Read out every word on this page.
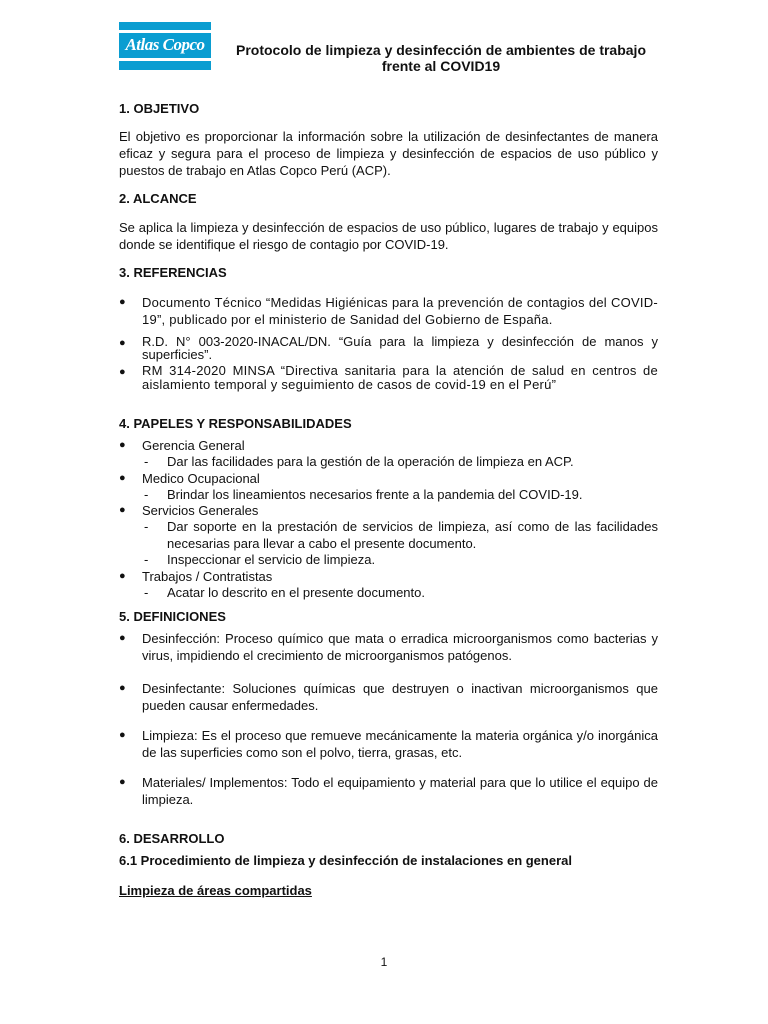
Atlas Copco	Protocolo de limpieza y desinfección de ambientes de trabajo frente al COVID19
1. OBJETIVO
El objetivo es proporcionar la información sobre la utilización de desinfectantes de manera eficaz y segura para el proceso de limpieza y desinfección de espacios de uso público y puestos de trabajo en Atlas Copco Perú (ACP).
2. ALCANCE
Se aplica la limpieza y desinfección de espacios de uso público, lugares de trabajo y equipos donde se identifique el riesgo de contagio por COVID-19.
3. REFERENCIAS
● Documento Técnico “Medidas Higiénicas para la prevención de contagios del COVID-19”, publicado por el ministerio de Sanidad del Gobierno de España.
● R.D. N° 003-2020-INACAL/DN. “Guía para la limpieza y desinfección de manos y superficies”.
● RM 314-2020 MINSA “Directiva sanitaria para la atención de salud en centros de aislamiento temporal y seguimiento de casos de covid-19 en el Perú”
4. PAPELES Y RESPONSABILIDADES
● Gerencia General
-	Dar las facilidades para la gestión de la operación de limpieza en ACP.
● Medico Ocupacional
-	Brindar los lineamientos necesarios frente a la pandemia del COVID-19.
● Servicios Generales
-	Dar soporte en la prestación de servicios de limpieza, así como de las facilidades necesarias para llevar a cabo el presente documento.
-	Inspeccionar el servicio de limpieza.
● Trabajos / Contratistas
-	Acatar lo descrito en el presente documento.
5. DEFINICIONES
● Desinfección: Proceso químico que mata o erradica microorganismos como bacterias y virus, impidiendo el crecimiento de microorganismos patógenos.
● Desinfectante: Soluciones químicas que destruyen o inactivan microorganismos que pueden causar enfermedades.
● Limpieza: Es el proceso que remueve mecánicamente la materia orgánica y/o inorgánica de las superficies como son el polvo, tierra, grasas, etc.
● Materiales/ Implementos: Todo el equipamiento y material para que lo utilice el equipo de limpieza.
6. DESARROLLO
6.1 Procedimiento de limpieza y desinfección de instalaciones en general
Limpieza de áreas compartidas
1
